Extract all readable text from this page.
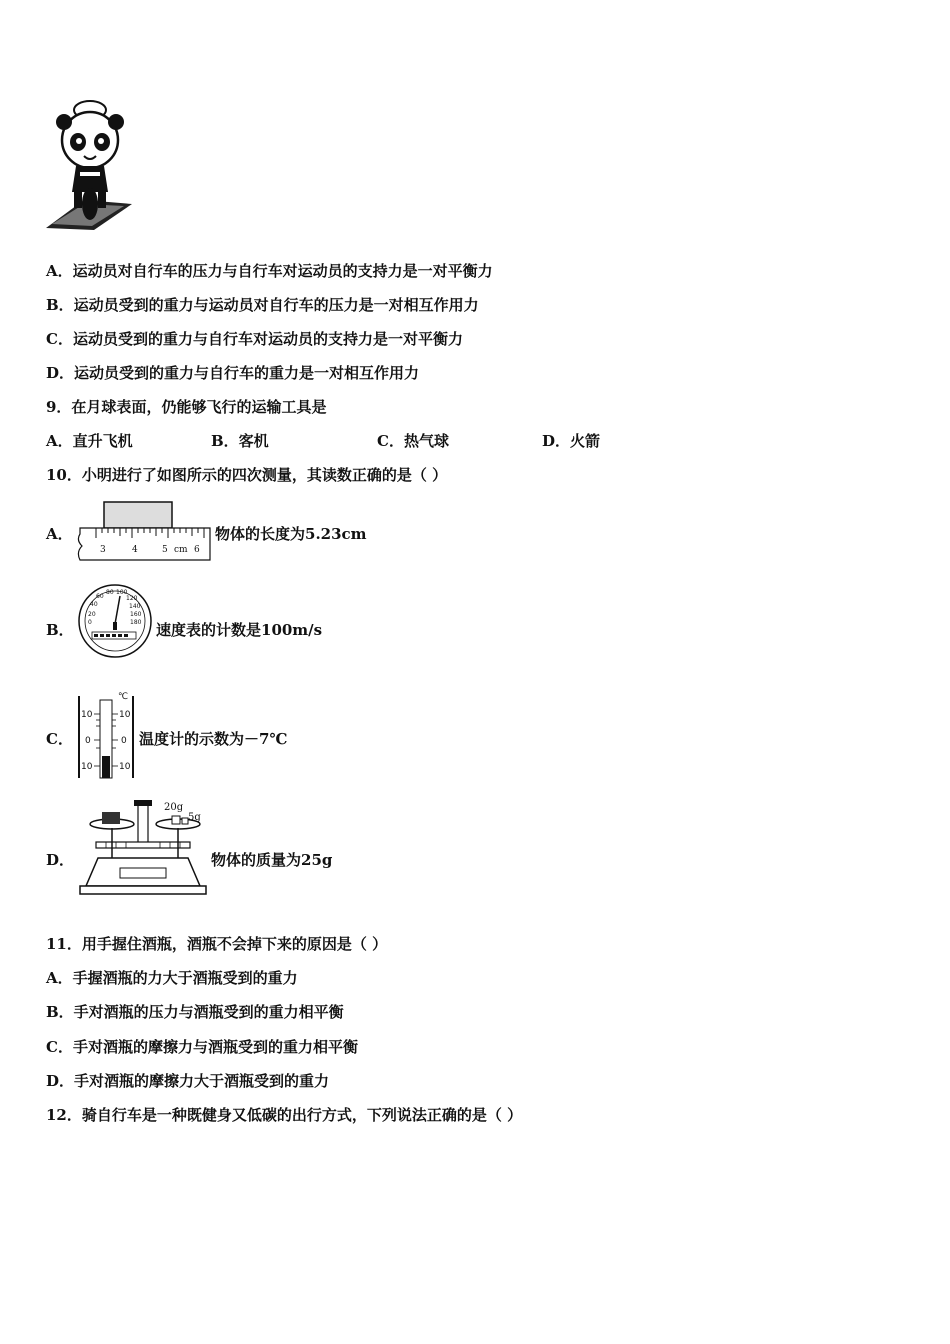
A．运动员对自行车的压力与自行车对运动员的支持力是一对平衡力
B．运动员受到的重力与运动员对自行车的压力是一对相互作用力
C．运动员受到的重力与自行车对运动员的支持力是一对平衡力
D．运动员受到的重力与自行车的重力是一对相互作用力
9．在月球表面，仍能够飞行的运输工具是
A．直升飞机	B．客机	C．热气球	D．火箭
10．小明进行了如图所示的四次测量，其读数正确的是（ ）
A．
3	4	5 cm 6
物体的长度为5.23cm
B．
20
40
60
80 100
120
140
160
180
0	速度表的计数是100m/s
C．
10
0
10
10
0
10
℃
温度计的示数为－7℃
D．
20g
5g
物体的质量为25g
11．用手握住酒瓶，酒瓶不会掉下来的原因是（ ）
A．手握酒瓶的力大于酒瓶受到的重力
B．手对酒瓶的压力与酒瓶受到的重力相平衡
C．手对酒瓶的摩擦力与酒瓶受到的重力相平衡
D．手对酒瓶的摩擦力大于酒瓶受到的重力
12．骑自行车是一种既健身又低碳的出行方式，下列说法正确的是（ ）
